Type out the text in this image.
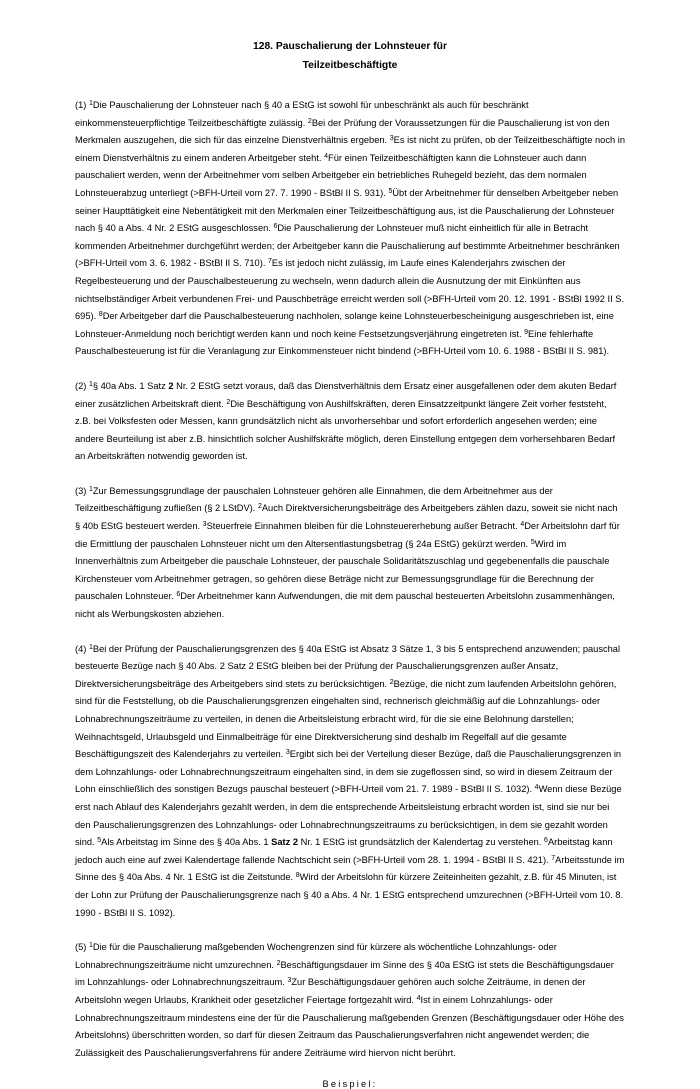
128. Pauschalierung der Lohnsteuer für
Teilzeitbeschäftigte
(1) $^1$Die Pauschalierung der Lohnsteuer nach § 40 a EStG ist sowohl für unbeschränkt als auch für beschränkt einkommensteuerpflichtige Teilzeitbeschäftigte zulässig. $^2$Bei der Prüfung der Voraussetzungen für die Pauschalierung ist von den Merkmalen auszugehen, die sich für das einzelne Dienstverhältnis ergeben. $^3$Es ist nicht zu prüfen, ob der Teilzeitbeschäftigte noch in einem Dienstverhältnis zu einem anderen Arbeitgeber steht. $^4$Für einen Teilzeitbeschäftigten kann die Lohnsteuer auch dann pauschaliert werden, wenn der Arbeitnehmer vom selben Arbeitgeber ein betriebliches Ruhegeld bezieht, das dem normalen Lohnsteuerabzug unterliegt (>BFH-Urteil vom 27. 7. 1990 - BStBl II S. 931). $^5$Übt der Arbeitnehmer für denselben Arbeitgeber neben seiner Haupttätigkeit eine Nebentätigkeit mit den Merkmalen einer Teilzeitbeschäftigung aus, ist die Pauschalierung der Lohnsteuer nach § 40 a Abs. 4 Nr. 2 EStG ausgeschlossen. $^6$Die Pauschalierung der Lohnsteuer muß nicht einheitlich für alle in Betracht kommenden Arbeitnehmer durchgeführt werden; der Arbeitgeber kann die Pauschalierung auf bestimmte Arbeitnehmer beschränken (>BFH-Urteil vom 3. 6. 1982 - BStBl II S. 710). $^7$Es ist jedoch nicht zulässig, im Laufe eines Kalenderjahrs zwischen der Regelbesteuerung und der Pauschalbesteuerung zu wechseln, wenn dadurch allein die Ausnutzung der mit Einkünften aus nichtselbständiger Arbeit verbundenen Frei- und Pauschbeträge erreicht werden soll (>BFH-Urteil vom 20. 12. 1991 - BStBl 1992 II S. 695). $^8$Der Arbeitgeber darf die Pauschalbesteuerung nachholen, solange keine Lohnsteuerbescheinigung ausgeschrieben ist, eine Lohnsteuer-Anmeldung noch berichtigt werden kann und noch keine Festsetzungsverjährung eingetreten ist. $^9$Eine fehlerhafte Pauschalbesteuerung ist für die Veranlagung zur Einkommensteuer nicht bindend (>BFH-Urteil vom 10. 6. 1988 - BStBl II S. 981).
(2) $^1$§ 40a Abs. 1 Satz 2 Nr. 2 EStG setzt voraus, daß das Dienstverhältnis dem Ersatz einer ausgefallenen oder dem akuten Bedarf einer zusätzlichen Arbeitskraft dient. $^2$Die Beschäftigung von Aushilfskräften, deren Einsatzzeitpunkt längere Zeit vorher feststeht, z.B. bei Volksfesten oder Messen, kann grundsätzlich nicht als unvorhersehbar und sofort erforderlich angesehen werden; eine andere Beurteilung ist aber z.B. hinsichtlich solcher Aushilfskräfte möglich, deren Einstellung entgegen dem vorhersehbaren Bedarf an Arbeitskräften notwendig geworden ist.
(3) $^1$Zur Bemessungsgrundlage der pauschalen Lohnsteuer gehören alle Einnahmen, die dem Arbeitnehmer aus der Teilzeitbeschäftigung zufließen (§ 2 LStDV). $^2$Auch Direktversicherungsbeiträge des Arbeitgebers zählen dazu, soweit sie nicht nach § 40b EStG besteuert werden. $^3$Steuerfreie Einnahmen bleiben für die Lohnsteuererhebung außer Betracht. $^4$Der Arbeitslohn darf für die Ermittlung der pauschalen Lohnsteuer nicht um den Altersentlastungsbetrag (§ 24a EStG) gekürzt werden. $^5$Wird im Innenverhältnis zum Arbeitgeber die pauschale Lohnsteuer, der pauschale Solidaritätszuschlag und gegebenenfalls die pauschale Kirchensteuer vom Arbeitnehmer getragen, so gehören diese Beträge nicht zur Bemessungsgrundlage für die Berechnung der pauschalen Lohnsteuer. $^6$Der Arbeitnehmer kann Aufwendungen, die mit dem pauschal besteuerten Arbeitslohn zusammenhängen, nicht als Werbungskosten abziehen.
(4) $^1$Bei der Prüfung der Pauschalierungsgrenzen des § 40a EStG ist Absatz 3 Sätze 1, 3 bis 5 entsprechend anzuwenden; pauschal besteuerte Bezüge nach § 40 Abs. 2 Satz 2 EStG bleiben bei der Prüfung der Pauschalierungsgrenzen außer Ansatz, Direktversicherungsbeiträge des Arbeitgebers sind stets zu berücksichtigen. $^2$Bezüge, die nicht zum laufenden Arbeitslohn gehören, sind für die Feststellung, ob die Pauschalierungsgrenzen eingehalten sind, rechnerisch gleichmäßig auf die Lohnzahlungs- oder Lohnabrechnungszeiträume zu verteilen, in denen die Arbeitsleistung erbracht wird, für die sie eine Belohnung darstellen; Weihnachtsgeld, Urlaubsgeld und Einmalbeiträge für eine Direktversicherung sind deshalb im Regelfall auf die gesamte Beschäftigungszeit des Kalenderjahrs zu verteilen. $^3$Ergibt sich bei der Verteilung dieser Bezüge, daß die Pauschalierungsgrenzen in dem Lohnzahlungs- oder Lohnabrechnungszeitraum eingehalten sind, in dem sie zugeflossen sind, so wird in diesem Zeitraum der Lohn einschließlich des sonstigen Bezugs pauschal besteuert (>BFH-Urteil vom 21. 7. 1989 - BStBl II S. 1032). $^4$Wenn diese Bezüge erst nach Ablauf des Kalenderjahrs gezahlt werden, in dem die entsprechende Arbeitsleistung erbracht worden ist, sind sie nur bei den Pauschalierungsgrenzen des Lohnzahlungs- oder Lohnabrechnungszeitraums zu berücksichtigen, in dem sie gezahlt worden sind. $^5$Als Arbeitstag im Sinne des § 40a Abs. 1 Satz 2 Nr. 1 EStG ist grundsätzlich der Kalendertag zu verstehen. $^6$Arbeitstag kann jedoch auch eine auf zwei Kalendertage fallende Nachtschicht sein (>BFH-Urteil vom 28. 1. 1994 - BStBl II S. 421). $^7$Arbeitsstunde im Sinne des § 40a Abs. 4 Nr. 1 EStG ist die Zeitstunde. $^8$Wird der Arbeitslohn für kürzere Zeiteinheiten gezahlt, z.B. für 45 Minuten, ist der Lohn zur Prüfung der Pauschalierungsgrenze nach § 40 a Abs. 4 Nr. 1 EStG entsprechend umzurechnen (>BFH-Urteil vom 10. 8. 1990 - BStBl II S. 1092).
(5) $^1$Die für die Pauschalierung maßgebenden Wochengrenzen sind für kürzere als wöchentliche Lohnzahlungs- oder Lohnabrechnungszeiträume nicht umzurechnen. $^2$Beschäftigungsdauer im Sinne des § 40a EStG ist stets die Beschäftigungsdauer im Lohnzahlungs- oder Lohnabrechnungszeitraum. $^3$Zur Beschäftigungsdauer gehören auch solche Zeiträume, in denen der Arbeitslohn wegen Urlaubs, Krankheit oder gesetzlicher Feiertage fortgezahlt wird. $^4$Ist in einem Lohnzahlungs- oder Lohnabrechnungszeitraum mindestens eine der für die Pauschalierung maßgebenden Grenzen (Beschäftigungsdauer oder Höhe des Arbeitslohns) überschritten worden, so darf für diesen Zeitraum das Pauschalierungsverfahren nicht angewendet werden; die Zulässigkeit des Pauschalierungsverfahrens für andere Zeiträume wird hiervon nicht berührt.
Beispiel:
